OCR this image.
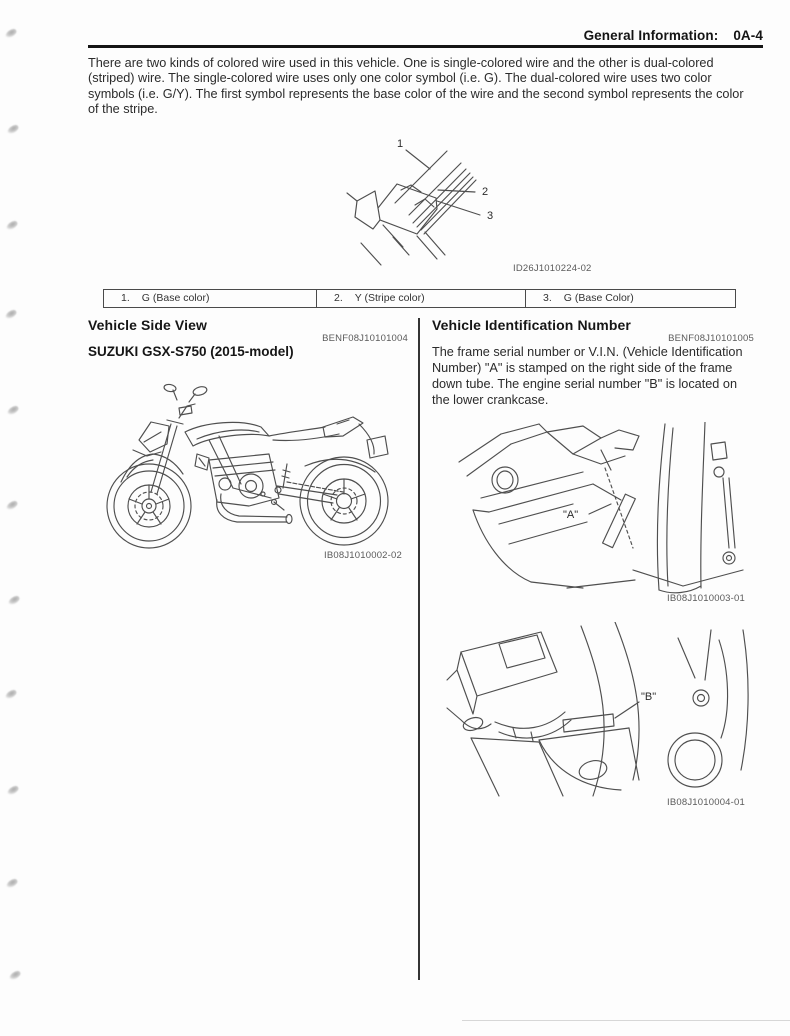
General Information: 0A-4
There are two kinds of colored wire used in this vehicle. One is single-colored wire and the other is dual-colored
(striped) wire. The single-colored wire uses only one color symbol (i.e. G). The dual-colored wire uses two color
symbols (i.e. G/Y). The first symbol represents the base color of the wire and the second symbol represents the color
of the stripe.
1
2
3
ID26J1010224-02
1. G (Base color)	2. Y (Stripe color)	3. G (Base Color)
Vehicle Side View
BENF08J10101004
SUZUKI GSX-S750 (2015-model)
IB08J1010002-02
Vehicle Identification Number
BENF08J10101005
The frame serial number or V.I.N. (Vehicle Identification
Number) "A" is stamped on the right side of the frame
down tube. The engine serial number "B" is located on
the lower crankcase.
"A"
IB08J1010003-01
"B"
IB08J1010004-01
